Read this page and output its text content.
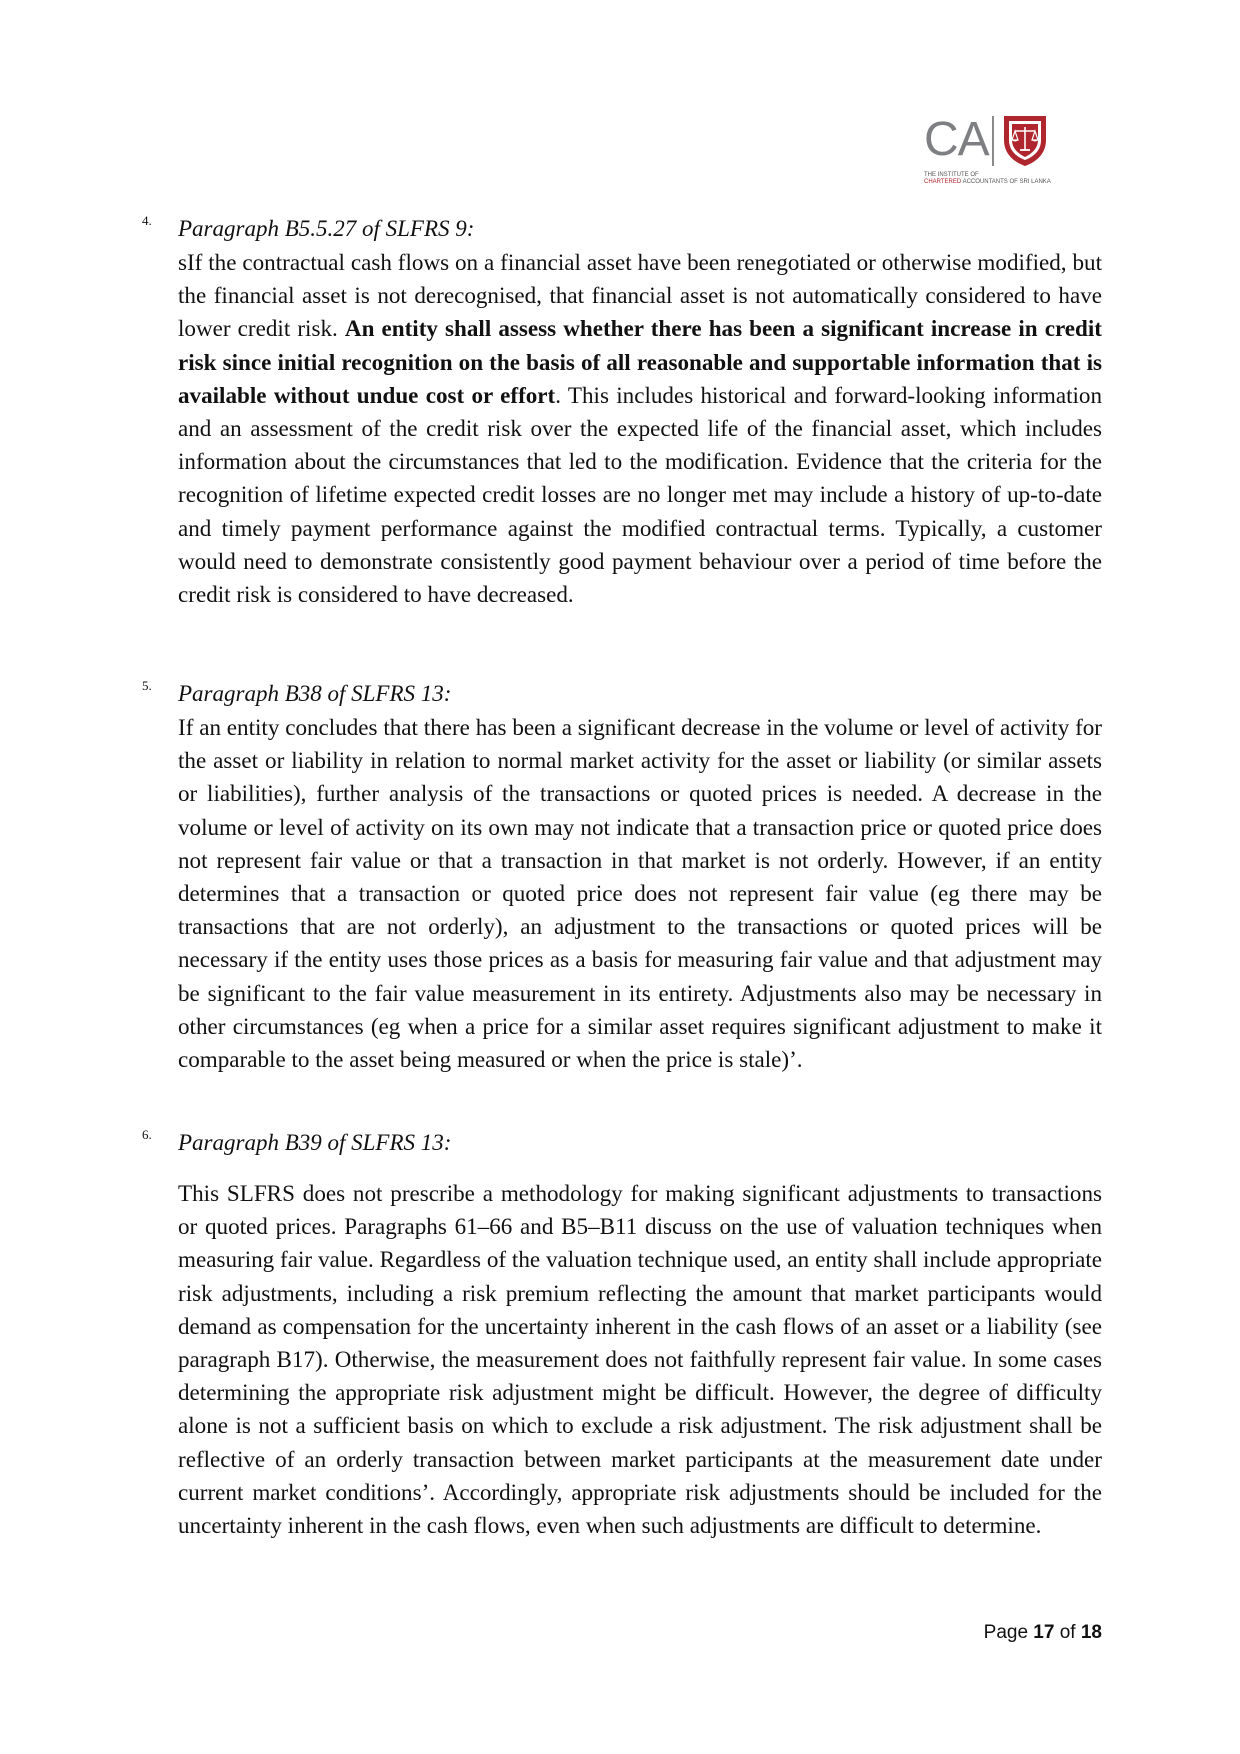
CA
THE INSTITUTE OF
CHARTERED ACCOUNTANTS OF SRI LANKA
4. Paragraph B5.5.27 of SLFRS 9:

sIf the contractual cash flows on a financial asset have been renegotiated or otherwise modified, but the financial asset is not derecognised, that financial asset is not automatically considered to have lower credit risk. An entity shall assess whether there has been a significant increase in credit risk since initial recognition on the basis of all reasonable and supportable information that is available without undue cost or effort. This includes historical and forward-looking information and an assessment of the credit risk over the expected life of the financial asset, which includes information about the circumstances that led to the modification. Evidence that the criteria for the recognition of lifetime expected credit losses are no longer met may include a history of up-to-date and timely payment performance against the modified contractual terms. Typically, a customer would need to demonstrate consistently good payment behaviour over a period of time before the credit risk is considered to have decreased.

5. Paragraph B38 of SLFRS 13:

If an entity concludes that there has been a significant decrease in the volume or level of activity for the asset or liability in relation to normal market activity for the asset or liability (or similar assets or liabilities), further analysis of the transactions or quoted prices is needed. A decrease in the volume or level of activity on its own may not indicate that a transaction price or quoted price does not represent fair value or that a transaction in that market is not orderly. However, if an entity determines that a transaction or quoted price does not represent fair value (eg there may be transactions that are not orderly), an adjustment to the transactions or quoted prices will be necessary if the entity uses those prices as a basis for measuring fair value and that adjustment may be significant to the fair value measurement in its entirety. Adjustments also may be necessary in other circumstances (eg when a price for a similar asset requires significant adjustment to make it comparable to the asset being measured or when the price is stale)’.

6. Paragraph B39 of SLFRS 13:

This SLFRS does not prescribe a methodology for making significant adjustments to transactions or quoted prices. Paragraphs 61–66 and B5–B11 discuss on the use of valuation techniques when measuring fair value. Regardless of the valuation technique used, an entity shall include appropriate risk adjustments, including a risk premium reflecting the amount that market participants would demand as compensation for the uncertainty inherent in the cash flows of an asset or a liability (see paragraph B17). Otherwise, the measurement does not faithfully represent fair value. In some cases determining the appropriate risk adjustment might be difficult. However, the degree of difficulty alone is not a sufficient basis on which to exclude a risk adjustment. The risk adjustment shall be reflective of an orderly transaction between market participants at the measurement date under current market conditions’. Accordingly, appropriate risk adjustments should be included for the uncertainty inherent in the cash flows, even when such adjustments are difficult to determine.

Page 17 of 18
